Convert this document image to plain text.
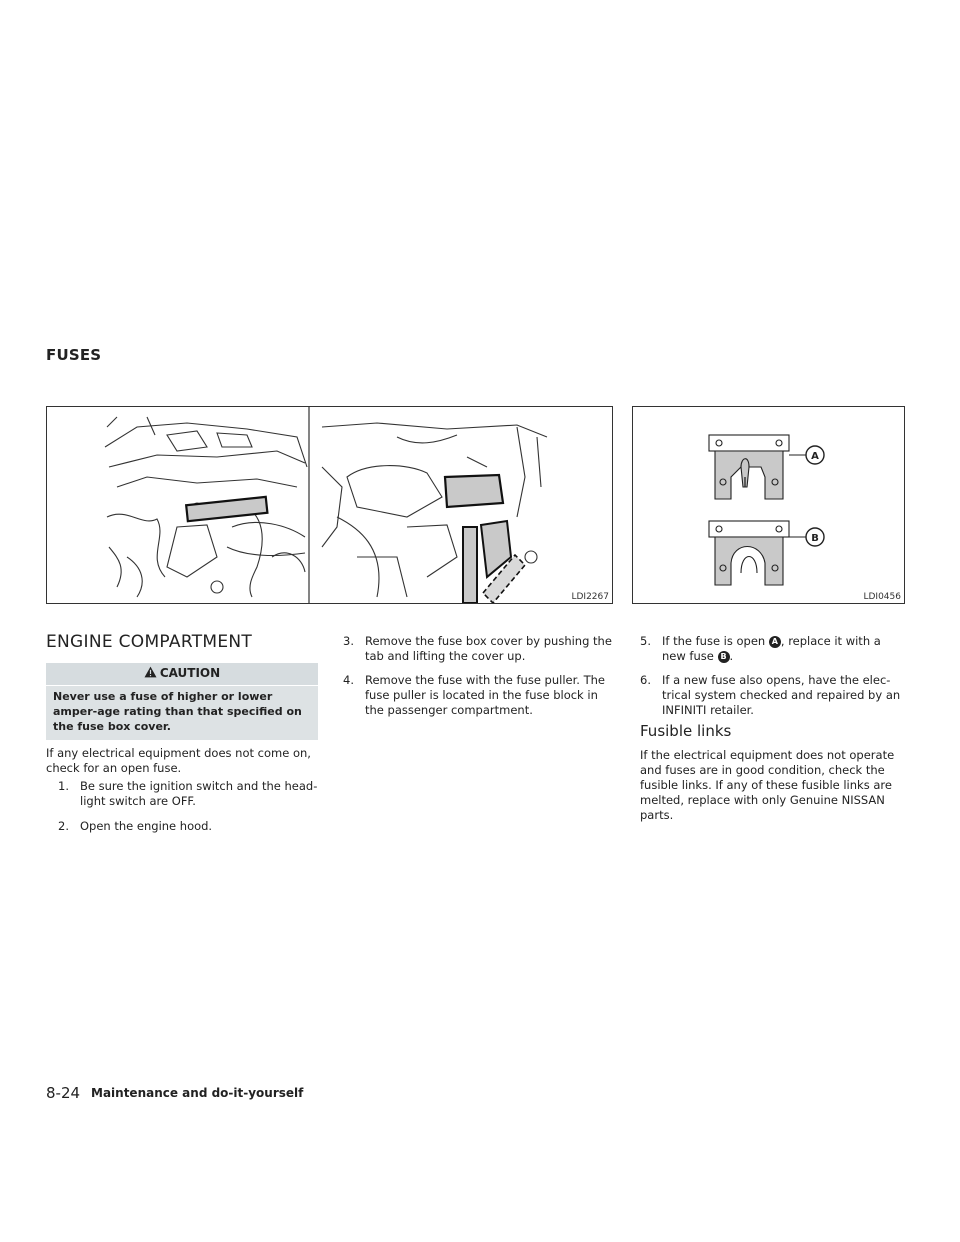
FUSES
LDI2267
A
B
LDI0456
ENGINE COMPARTMENT
CAUTION
Never use a fuse of higher or lower amper-age rating than that specified on the fuse box cover.
If any electrical equipment does not come on, check for an open fuse.
1. Be sure the ignition switch and the head-light switch are OFF.
2. Open the engine hood.
3. Remove the fuse box cover by pushing the tab and lifting the cover up.
4. Remove the fuse with the fuse puller. The fuse puller is located in the fuse block in the passenger compartment.
5. If the fuse is open A , replace it with a new fuse B .
6. If a new fuse also opens, have the elec-trical system checked and repaired by an INFINITI retailer.
Fusible links
If the electrical equipment does not operate and fuses are in good condition, check the fusible links. If any of these fusible links are melted, replace with only Genuine NISSAN parts.
8-24 Maintenance and do-it-yourself
